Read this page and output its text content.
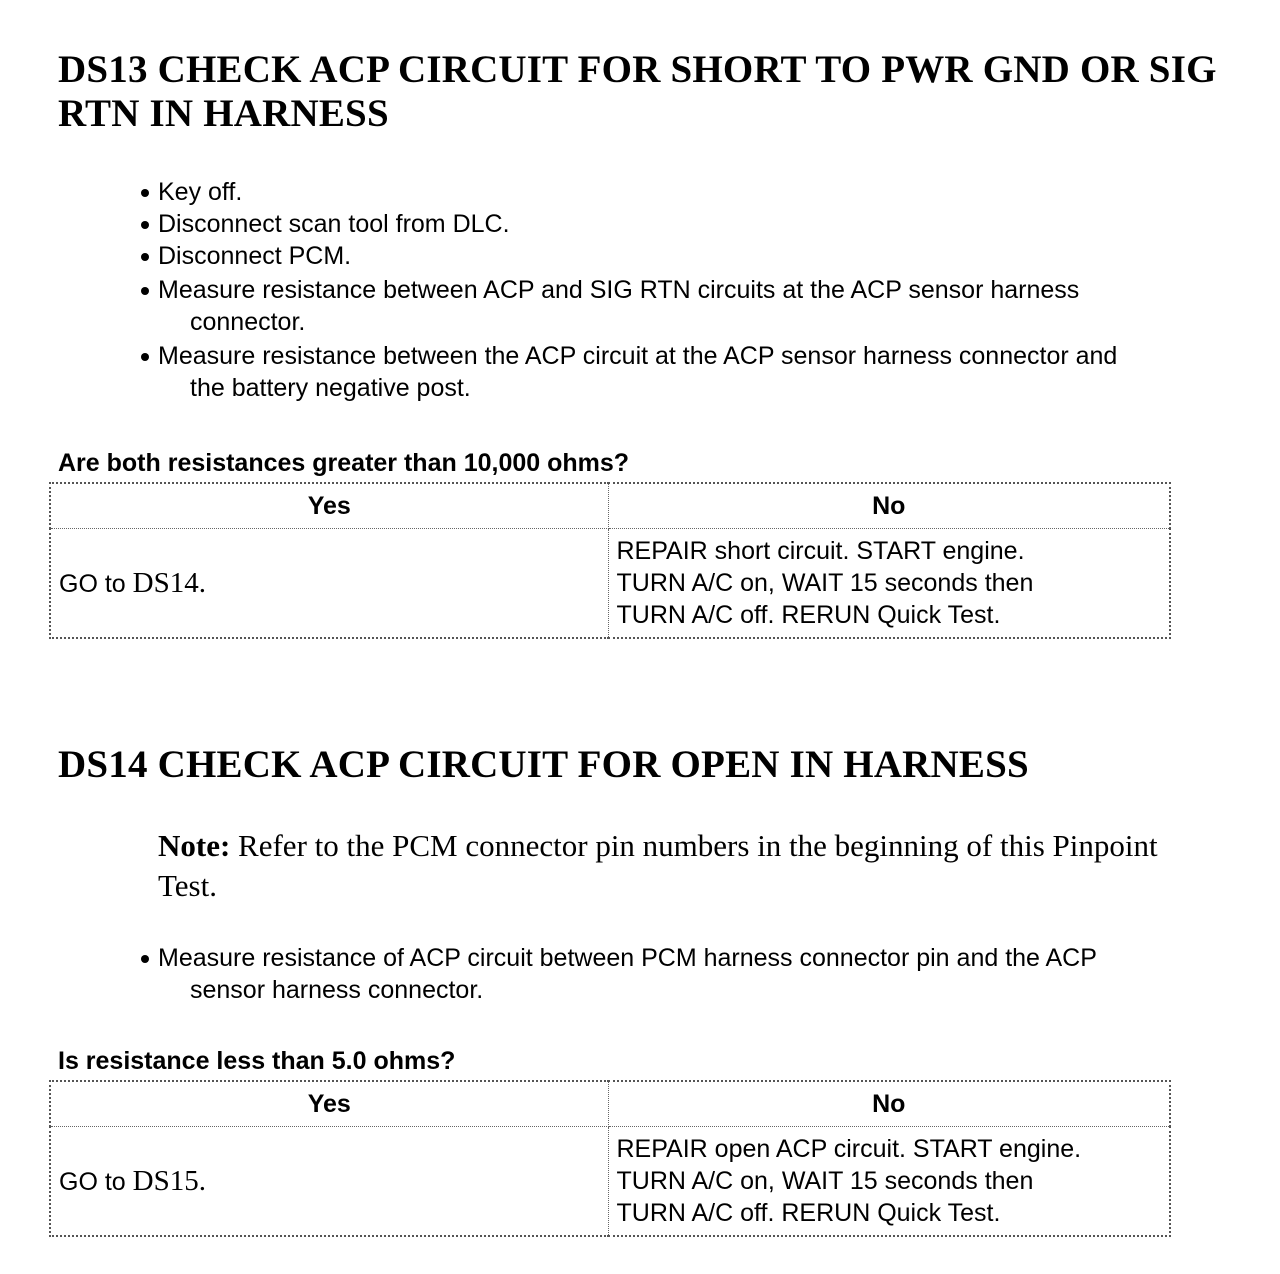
DS13 CHECK ACP CIRCUIT FOR SHORT TO PWR GND OR SIG
RTN IN HARNESS
Key off.
Disconnect scan tool from DLC.
Disconnect PCM.
Measure resistance between ACP and SIG RTN circuits at the ACP sensor harness
connector.
Measure resistance between the ACP circuit at the ACP sensor harness connector and
the battery negative post.

Are both resistances greater than 10,000 ohms?

Yes	No
GO to DS14.	REPAIR short circuit. START engine.
TURN A/C on, WAIT 15 seconds then
TURN A/C off. RERUN Quick Test.
DS14 CHECK ACP CIRCUIT FOR OPEN IN HARNESS

Note: Refer to the PCM connector pin numbers in the beginning of this Pinpoint
Test.

Measure resistance of ACP circuit between PCM harness connector pin and the ACP
sensor harness connector.

Is resistance less than 5.0 ohms?

Yes	No
GO to DS15.	REPAIR open ACP circuit. START engine.
TURN A/C on, WAIT 15 seconds then
TURN A/C off. RERUN Quick Test.
